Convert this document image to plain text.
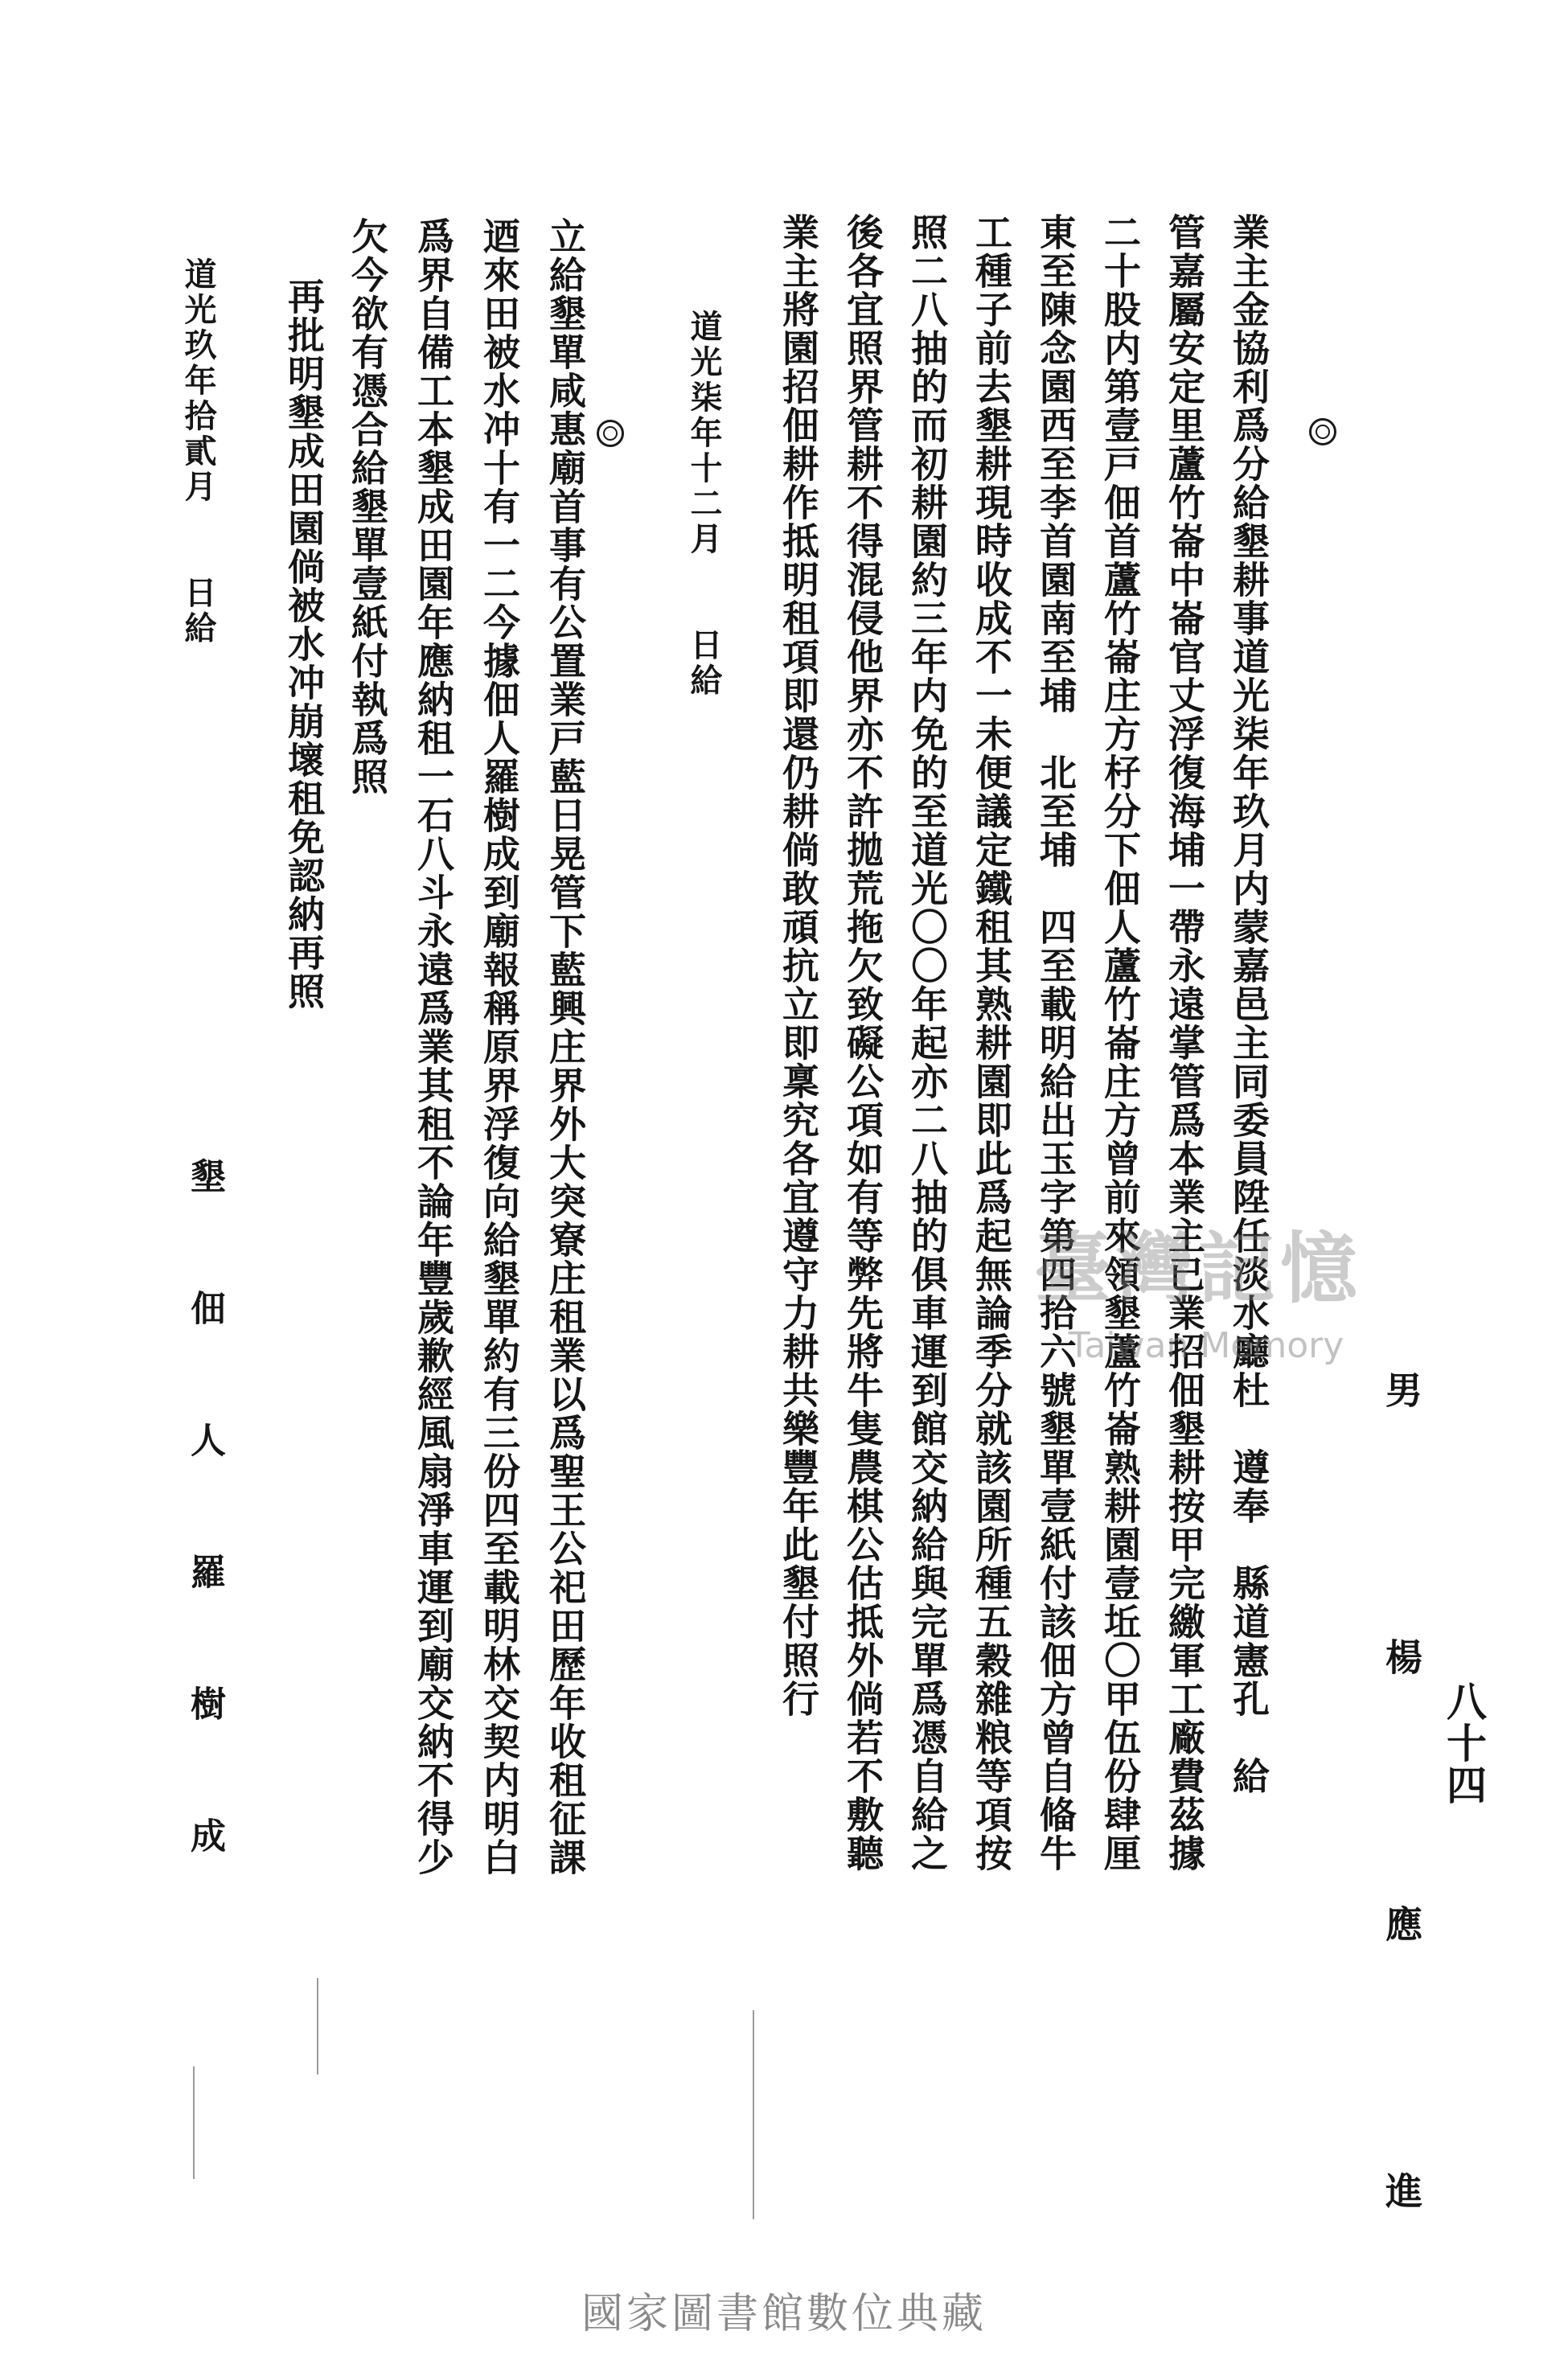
八十四
男　楊　應　進
業主金協利爲分給墾耕事道光柒年玖月内蒙嘉邑主同委員陞任淡水廳杜　遵奉　縣道憲孔　給
管嘉屬安定里蘆竹崙中崙官丈浮復海埔一帶永遠掌管爲本業主已業招佃墾耕按甲完繳軍工廠費茲據
二十股内第壹戸佃首蘆竹崙庄方杍分下佃人蘆竹崙庄方曾前來領墾蘆竹崙熟耕園壹坵〇甲伍份肆厘
東至陳念園西至李首園南至埔　北至埔　四至載明給出玉字第四拾六號墾單壹紙付該佃方曾自偹牛
工種子前去墾耕現時收成不一未便議定鐵租其熟耕園即此爲起無論季分就該園所種五穀雜粮等項按
照二八抽的而初耕園約三年内免的至道光〇〇年起亦二八抽的俱車運到館交納給與完單爲憑自給之
後各宜照界管耕不得混侵他界亦不許拋荒拖欠致礙公項如有等弊先將牛隻農棋公估抵外倘若不敷聽
業主將園招佃耕作抵明租項即還仍耕倘敢頑抗立即稟究各宜遵守力耕共樂豐年此墾付照行
道光柒年十二月　　日給
立給墾單咸惠廟首事有公置業戸藍日晃管下藍興庄界外大突寮庄租業以爲聖王公祀田歷年收租征課
迺來田被水冲十有一二今據佃人羅樹成到廟報稱原界浮復向給墾單約有三份四至載明林交契内明白
爲界自備工本墾成田園年應納租一石八斗永遠爲業其租不論年豐歲歉經風扇淨車運到廟交納不得少
欠今欲有憑合給墾單壹紙付執爲照
再批明墾成田園倘被水冲崩壞租免認納再照
道光玖年拾貳月　　日給
墾佃人羅樹成	臺灣記憶
Taiwan Memory
國家圖書館數位典藏
